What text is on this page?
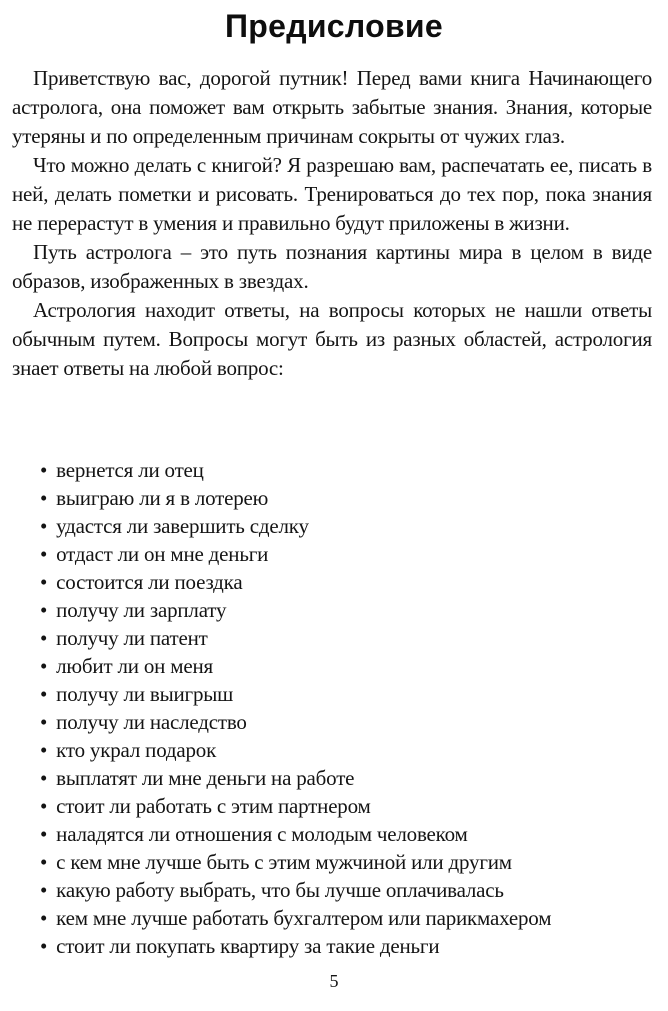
Предисловие

Приветствую вас, дорогой путник! Перед вами книга Начинающего астролога, она поможет вам открыть забытые знания. Знания, которые утеряны и по определенным причинам сокрыты от чужих глаз.

Что можно делать с книгой? Я разрешаю вам, распечатать ее, писать в ней, делать пометки и рисовать. Тренироваться до тех пор, пока знания не перерастут в умения и правильно будут приложены в жизни.

Путь астролога – это путь познания картины мира в целом в виде образов, изображенных в звездах.

Астрология находит ответы, на вопросы которых не нашли ответы обычным путем. Вопросы могут быть из разных областей, астрология знает ответы на любой вопрос:

• вернется ли отец
• выиграю ли я в лотерею
• удастся ли завершить сделку
• отдаст ли он мне деньги
• состоится ли поездка
• получу ли зарплату
• получу ли патент
• любит ли он меня
• получу ли выигрыш
• получу ли наследство
• кто украл подарок
• выплатят ли мне деньги на работе
• стоит ли работать с этим партнером
• наладятся ли отношения с молодым человеком
• с кем мне лучше быть с этим мужчиной или другим
• какую работу выбрать, что бы лучше оплачивалась
• кем мне лучше работать бухгалтером или парикмахером
• стоит ли покупать квартиру за такие деньги
5
